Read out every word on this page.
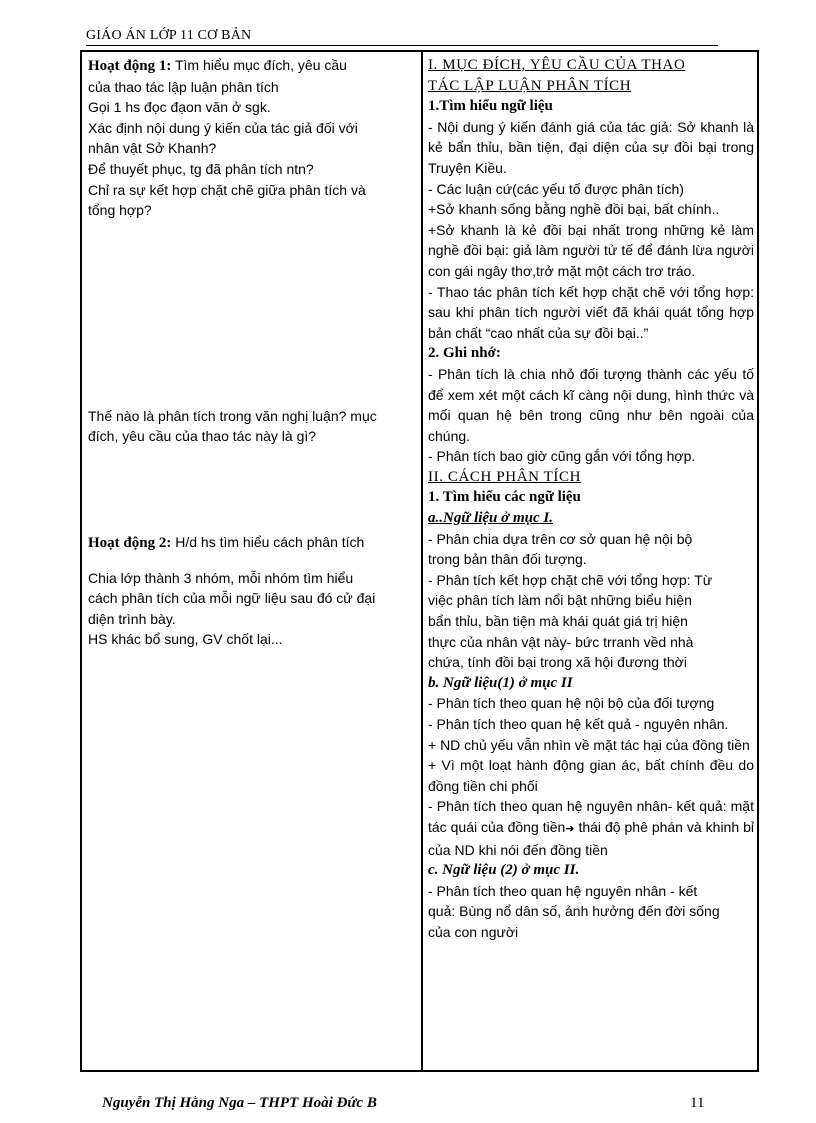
GIÁO ÁN LỚP 11 CƠ BẢN

Hoạt động 1: Tìm hiểu mục đích, yêu cầu

của thao tác lập luận phân tích

Gọi 1 hs đọc đạon văn ở sgk.

Xác định nội dung ý kiến của tác giả đối với

nhân vật Sở Khanh?

Để thuyết phục, tg đã phân tích ntn?

Chỉ ra sự kết hợp chặt chẽ giữa phân tích và

tổng hợp?

Thế nào là phân tích trong văn nghị luận? mục

đích, yêu cầu của thao tác này là gì?

Hoạt động 2: H/d hs tìm hiểu cách phân tích

Chia lớp thành 3 nhóm, mỗi nhóm tìm hiểu

cách phân tích của mỗi ngữ liệu sau đó cử đại

diện trình bày.

HS khác bổ sung, GV chốt lại...

I. MỤC ĐÍCH, YÊU CẦU CỦA THAO

TÁC LẬP LUẬN PHÂN TÍCH

1.Tìm hiểu ngữ liệu

- Nội dung ý kiến đánh giá của tác giả: Sở khanh là kẻ bẩn thỉu, bần tiện, đại diện của sự đồi bại trong Truyện Kiều.

- Các luận cứ(các yếu tố được phân tích)

+Sở khanh sống bằng nghề đồi bại, bất chính..

+Sở khanh là kẻ đồi bại nhất trong những kẻ làm nghề đồi bại: giả làm người tử tế để đánh lừa người con gái ngây thơ,trở mặt một cách trơ tráo.

- Thao tác phân tích kết hợp chặt chẽ với tổng hợp: sau khi phân tích người viết đã khái quát tổng hợp bản chất “cao nhất của sự đồi bại..”

2. Ghi nhớ:

- Phân tích là chia nhỏ đối tượng thành các yếu tố để xem xét một cách kĩ càng nội dung, hình thức và mối quan hệ bên trong cũng như bên ngoài của chúng.

- Phân tích bao giờ cũng gắn với tổng hợp.

II. CÁCH PHÂN TÍCH

1. Tìm hiểu các ngữ liệu

a..Ngữ liệu ở mục I.

- Phân chia dựa trên cơ sở quan hệ nội bộ

trong bản thân đối tượng.

- Phân tích kết hợp chặt chẽ với tổng hợp: Từ

việc phân tích làm nổi bật những biểu hiện

bẩn thỉu, bần tiện mà khái quát giá trị hiện

thực của nhân vật này- bức trranh vềd nhà

chứa, tính đồi bại trong xã hội đương thời

b. Ngữ liệu(1) ở mục II

- Phân tích theo quan hệ nội bộ của đối tượng

- Phân tích theo quan hệ kết quả - nguyên nhân.

+ ND chủ yếu vẫn nhìn về mặt tác hại của đồng tiền

+ Vì một loạt hành động gian ác, bất chính đều do đồng tiền chi phối

- Phân tích theo quan hệ nguyên nhân- kết quả: mặt tác quái của đồng tiền➜ thái độ phê phán và khinh bỉ của ND khi nói đến đồng tiền

c. Ngữ liệu (2) ở mục II.

- Phân tích theo quan hệ nguyên nhân - kết

quả: Bùng nổ dân số, ảnh hưởng đến đời sống

của con người

Nguyễn Thị Hằng Nga – THPT Hoài Đức B	11
